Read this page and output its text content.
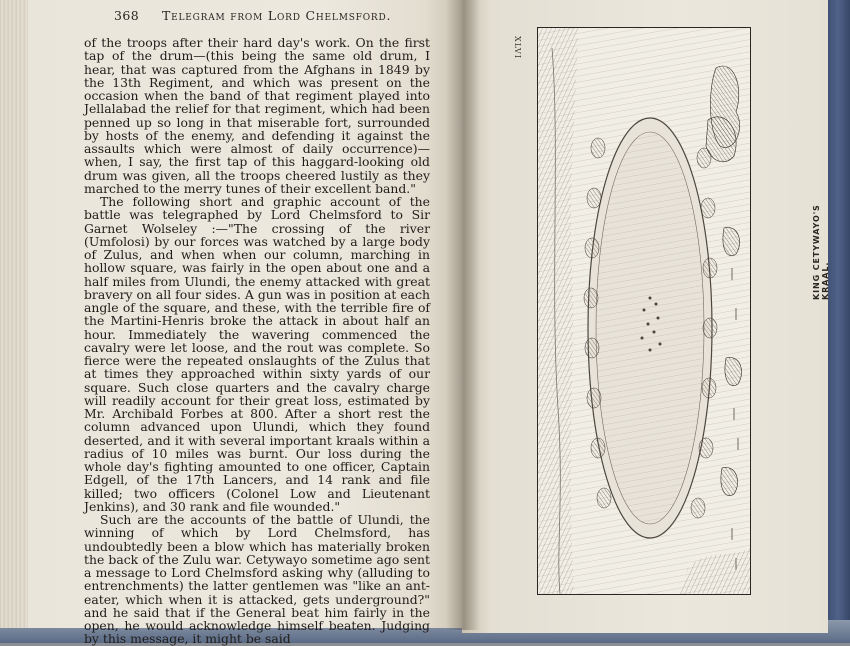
368 Telegram from Lord Chelmsford.

of the troops after their hard day's work. On the first tap of the drum—(this being the same old drum, I hear, that was captured from the Afghans in 1849 by the 13th Regiment, and which was present on the occasion when the band of that regiment played into Jellalabad the relief for that regiment, which had been penned up so long in that miserable fort, surrounded by hosts of the enemy, and defending it against the assaults which were almost of daily occurrence)—when, I say, the first tap of this haggard-looking old drum was given, all the troops cheered lustily as they marched to the merry tunes of their excellent band."

The following short and graphic account of the battle was telegraphed by Lord Chelmsford to Sir Garnet Wolseley :—"The crossing of the river (Umfolosi) by our forces was watched by a large body of Zulus, and when when our column, marching in hollow square, was fairly in the open about one and a half miles from Ulundi, the enemy attacked with great bravery on all four sides. A gun was in position at each angle of the square, and these, with the terrible fire of the Martini-Henris broke the attack in about half an hour. Immediately the wavering commenced the cavalry were let loose, and the rout was complete. So fierce were the repeated onslaughts of the Zulus that at times they approached within sixty yards of our square. Such close quarters and the cavalry charge will readily account for their great loss, estimated by Mr. Archibald Forbes at 800. After a short rest the column advanced upon Ulundi, which they found deserted, and it with several important kraals within a radius of 10 miles was burnt. Our loss during the whole day's fighting amounted to one officer, Captain Edgell, of the 17th Lancers, and 14 rank and file killed; two officers (Colonel Low and Lieutenant Jenkins), and 30 rank and file wounded."

Such are the accounts of the battle of Ulundi, the winning of which by Lord Chelmsford, has undoubtedly been a blow which has materially broken the back of the Zulu war. Cetywayo sometime ago sent a message to Lord Chelmsford asking why (alluding to entrenchments) the latter gentlemen was "like an ant-eater, which when it is attacked, gets underground?" and he said that if the General beat him fairly in the open, he would acknowledge himself beaten. Judging by this message, it might be said

XLVI
KING CETYWAYO'S KRAAL.
